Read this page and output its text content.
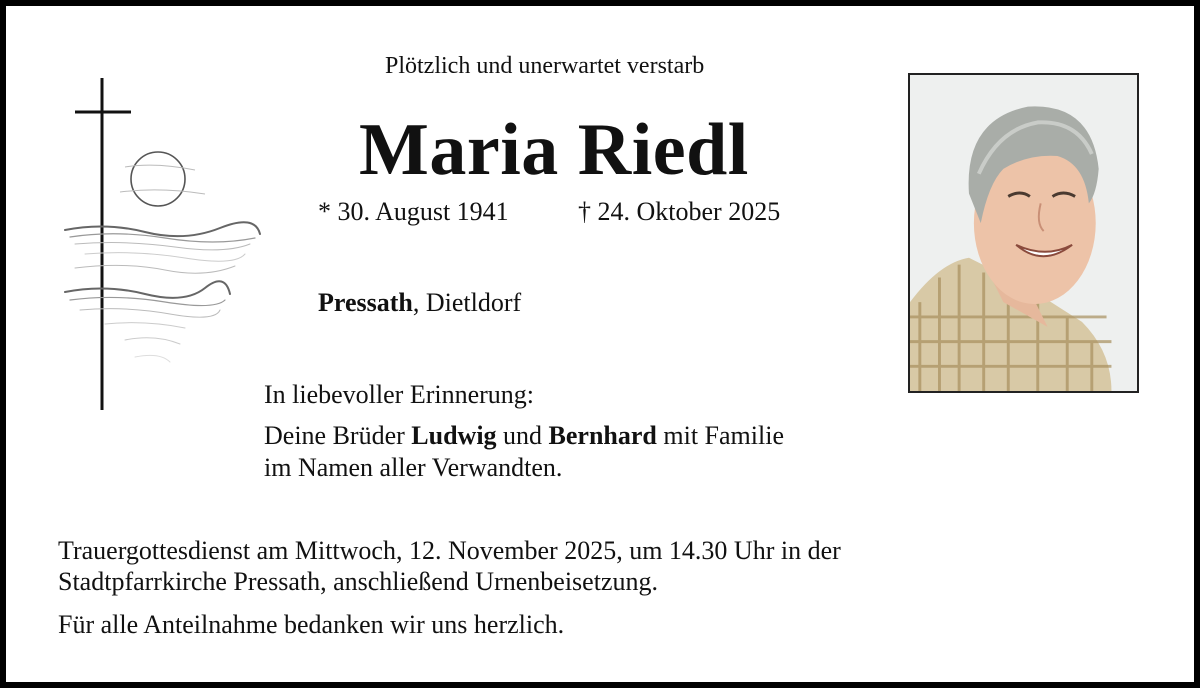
Plötzlich und unerwartet verstarb
Maria Riedl
* 30. August 1941	† 24. Oktober 2025
Pressath, Dietldorf
In liebevoller Erinnerung:
Deine Brüder Ludwig und Bernhard mit Familie
im Namen aller Verwandten.
Trauergottesdienst am Mittwoch, 12. November 2025, um 14.30 Uhr in der
Stadtpfarrkirche Pressath, anschließend Urnenbeisetzung.
Für alle Anteilnahme bedanken wir uns herzlich.
